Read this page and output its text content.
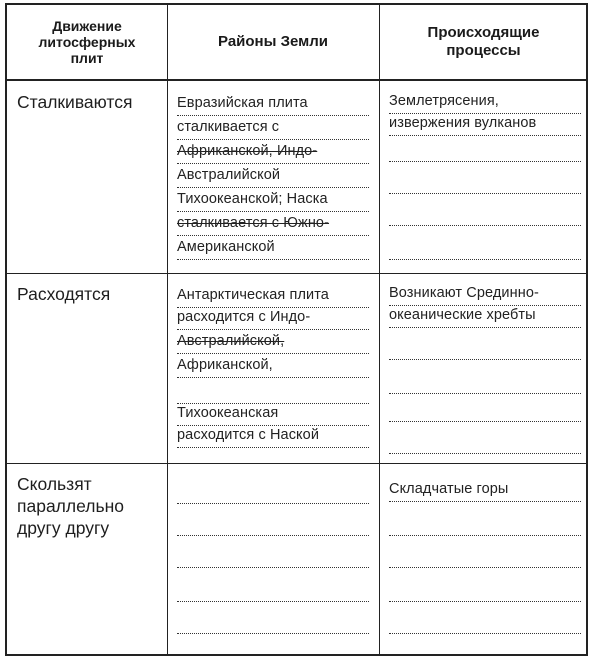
Движение
литосферных
плит
Районы Земли
Происходящие
процессы
Сталкиваются	Евразийская плита
сталкивается с
Африканской, Индо-
Австралийской
Тихоокеанской; Наска
сталкивается с Южно-
Американской
Землетрясения,
извержения вулканов
Расходятся	Антарктическая плита
расходится с Индо-
Австралийской,
Африканской,
Тихоокеанская
расходится с Наской
Возникают Срединно-
океанические хребты
Скользят
параллельно
другу другу
Складчатые горы
